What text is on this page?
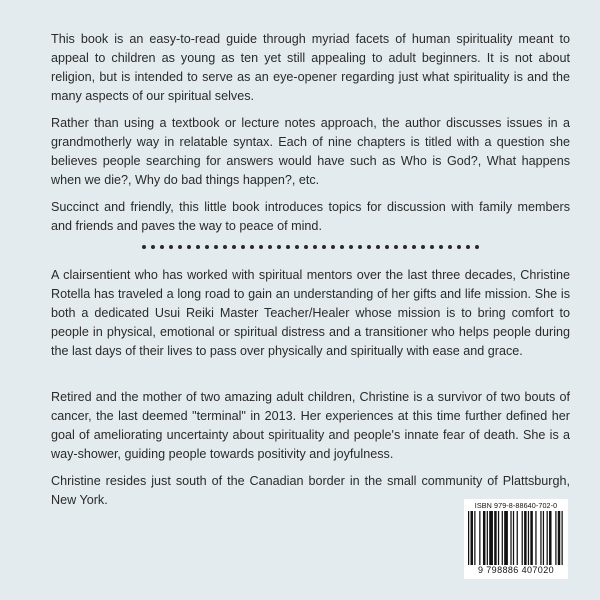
This book is an easy-to-read guide through myriad facets of human spirituality meant to appeal to children as young as ten yet still appealing to adult beginners. It is not about religion, but is intended to serve as an eye-opener regarding just what spirituality is and the many aspects of our spiritual selves.

Rather than using a textbook or lecture notes approach, the author discusses issues in a grandmotherly way in relatable syntax. Each of nine chapters is titled with a question she believes people searching for answers would have such as Who is God?, What happens when we die?, Why do bad things happen?, etc.

Succinct and friendly, this little book introduces topics for discussion with family members and friends and paves the way to peace of mind.

A clairsentient who has worked with spiritual mentors over the last three decades, Christine Rotella has traveled a long road to gain an understanding of her gifts and life mission. She is both a dedicated Usui Reiki Master Teacher/Healer whose mission is to bring comfort to people in physical, emotional or spiritual distress and a transitioner who helps people during the last days of their lives to pass over physically and spiritually with ease and grace.

Retired and the mother of two amazing adult children, Christine is a survivor of two bouts of cancer, the last deemed "terminal" in 2013. Her experiences at this time further defined her goal of ameliorating uncertainty about spirituality and people's innate fear of death. She is a way-shower, guiding people towards positivity and joyfulness.

Christine resides just south of the Canadian border in the small community of Plattsburgh, New York.	ISBN 979-8-88640-702-0
9 798886 407020
